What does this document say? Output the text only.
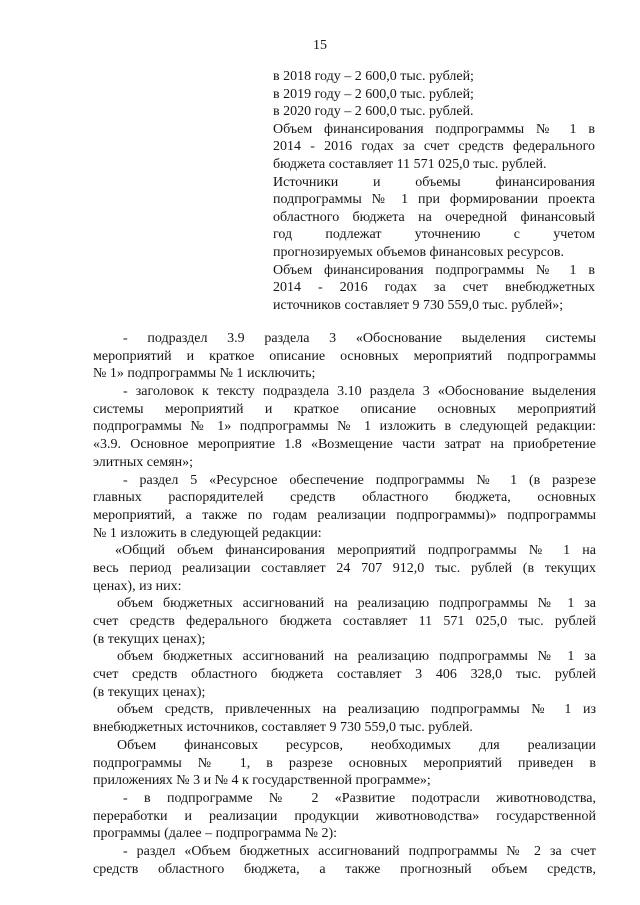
15
в 2018 году – 2 600,0 тыс. рублей;
в 2019 году – 2 600,0 тыс. рублей;
в 2020 году – 2 600,0 тыс. рублей.
Объем финансирования подпрограммы № 1 в
2014 - 2016 годах за счет средств федерального
бюджета составляет 11 571 025,0 тыс. рублей.
Источники и объемы финансирования
подпрограммы № 1 при формировании проекта
областного бюджета на очередной финансовый
год подлежат уточнению с учетом
прогнозируемых объемов финансовых ресурсов.
Объем финансирования подпрограммы № 1 в
2014 - 2016 годах за счет внебюджетных
источников составляет 9 730 559,0 тыс. рублей»;
- подраздел 3.9 раздела 3 «Обоснование выделения системы
мероприятий и краткое описание основных мероприятий подпрограммы
№ 1» подпрограммы № 1 исключить;
- заголовок к тексту подраздела 3.10 раздела 3 «Обоснование выделения
системы мероприятий и краткое описание основных мероприятий
подпрограммы № 1» подпрограммы № 1 изложить в следующей редакции:
«3.9. Основное мероприятие 1.8 «Возмещение части затрат на приобретение
элитных семян»;
- раздел 5 «Ресурсное обеспечение подпрограммы № 1 (в разрезе
главных распорядителей средств областного бюджета, основных
мероприятий, а также по годам реализации подпрограммы)» подпрограммы
№ 1 изложить в следующей редакции:
«Общий объем финансирования мероприятий подпрограммы № 1 на
весь период реализации составляет 24 707 912,0 тыс. рублей (в текущих
ценах), из них:
объем бюджетных ассигнований на реализацию подпрограммы № 1 за
счет средств федерального бюджета составляет 11 571 025,0 тыс. рублей
(в текущих ценах);
объем бюджетных ассигнований на реализацию подпрограммы № 1 за
счет средств областного бюджета составляет 3 406 328,0 тыс. рублей
(в текущих ценах);
объем средств, привлеченных на реализацию подпрограммы № 1 из
внебюджетных источников, составляет 9 730 559,0 тыс. рублей.
Объем финансовых ресурсов, необходимых для реализации
подпрограммы № 1, в разрезе основных мероприятий приведен в
приложениях № 3 и № 4 к государственной программе»;
- в подпрограмме № 2 «Развитие подотрасли животноводства,
переработки и реализации продукции животноводства» государственной
программы (далее – подпрограмма № 2):
- раздел «Объем бюджетных ассигнований подпрограммы № 2 за счет
средств областного бюджета, а также прогнозный объем средств,
